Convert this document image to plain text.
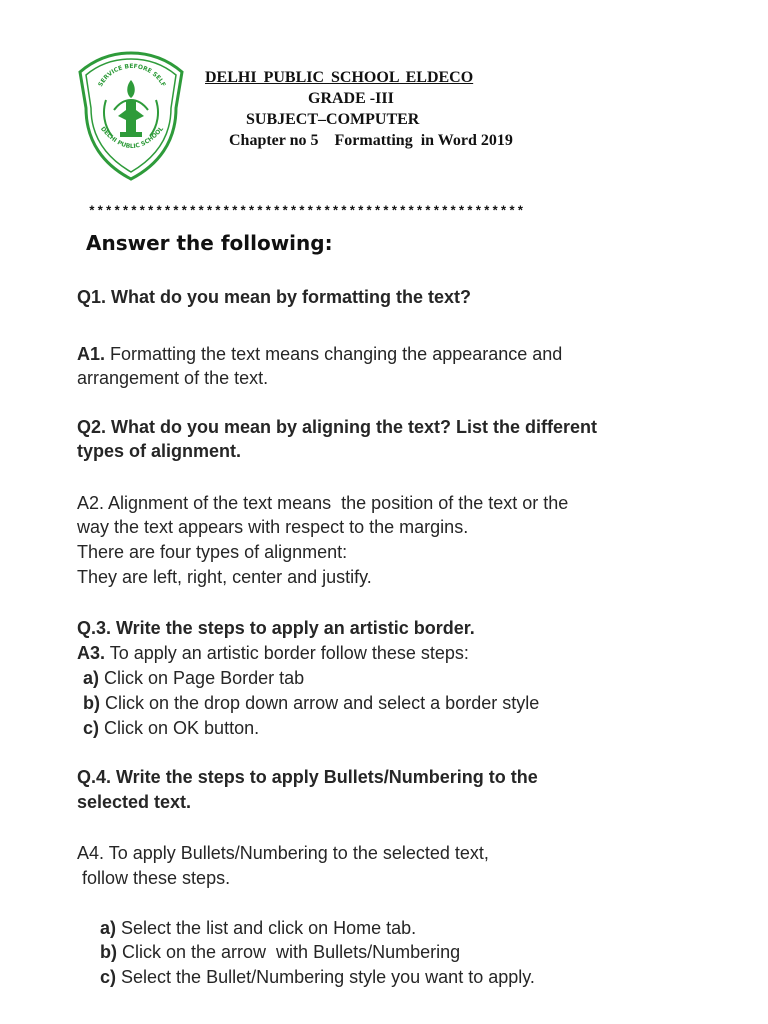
SERVICE BEFORE SELF
DELHI PUBLIC SCHOOL
DELHI PUBLIC SCHOOL ELDECO
GRADE -III
SUBJECT–COMPUTER
Chapter no 5    Formatting  in Word 2019
****************************************************
Answer the following:
Q1. What do you mean by formatting the text?
A1. Formatting the text means changing the appearance and
arrangement of the text.
Q2. What do you mean by aligning the text? List the different
types of alignment.
A2. Alignment of the text means  the position of the text or the
way the text appears with respect to the margins.
There are four types of alignment:
They are left, right, center and justify.
Q.3. Write the steps to apply an artistic border.
A3. To apply an artistic border follow these steps:
a) Click on Page Border tab
b) Click on the drop down arrow and select a border style
c) Click on OK button.
Q.4. Write the steps to apply Bullets/Numbering to the
selected text.
A4. To apply Bullets/Numbering to the selected text,
follow these steps.
a) Select the list and click on Home tab.
b) Click on the arrow  with Bullets/Numbering
c) Select the Bullet/Numbering style you want to apply.
